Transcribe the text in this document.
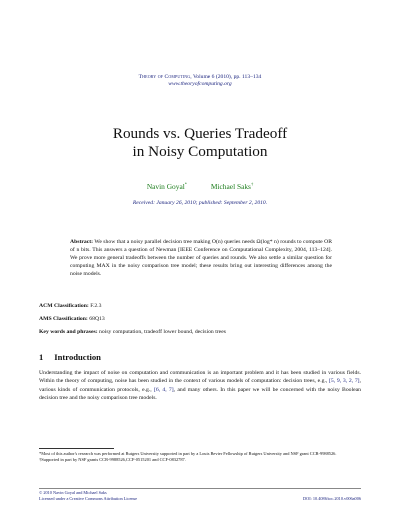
Theory of Computing, Volume 6 (2010), pp. 113–134
www.theoryofcomputing.org
Rounds vs. Queries Tradeoff
in Noisy Computation
Navin Goyal*	Michael Saks†
Received: January 26, 2010; published: September 2, 2010.
Abstract: We show that a noisy parallel decision tree making O(n) queries needs Ω(log* n) rounds to compute OR of n bits. This answers a question of Newman [IEEE Conference on Computational Complexity, 2004, 113–124]. We prove more general tradeoffs between the number of queries and rounds. We also settle a similar question for computing MAX in the noisy comparison tree model; these results bring out interesting differences among the noise models.
ACM Classification: F.2.3
AMS Classification: 68Q13
Key words and phrases: noisy computation, tradeoff lower bound, decision trees
1 Introduction
Understanding the impact of noise on computation and communication is an important problem and it has been studied in various fields. Within the theory of computing, noise has been studied in the context of various models of computation: decision trees, e.g., [5, 9, 3, 2, 7], various kinds of communication protocols, e.g., [6, 4, 7], and many others. In this paper we will be concerned with the noisy Boolean decision tree and the noisy comparison tree models.
*Most of this author's research was performed at Rutgers University supported in part by a Louis Bevier Fellowship of Rutgers University and NSF grant CCR-9988526.
†Supported in part by NSF grants CCR-9988526,CCF-0515201 and CCF-0832787.
© 2010 Navin Goyal and Michael Saks
Licensed under a Creative Commons Attribution License	DOI: 10.4086/toc.2010.v006a006
